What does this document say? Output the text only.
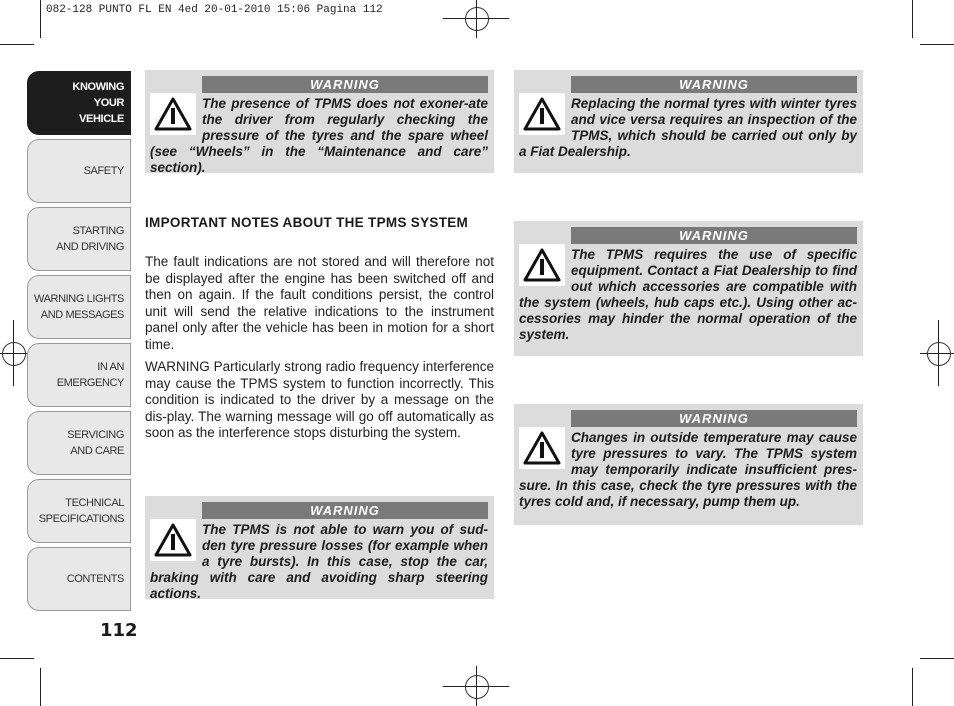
082-128 PUNTO FL EN 4ed 20-01-2010 15:06 Pagina 112
KNOWING
YOUR
VEHICLE
SAFETY
STARTING
AND DRIVING
WARNING LIGHTS
AND MESSAGES
IN AN
EMERGENCY
SERVICING
AND CARE
TECHNICAL
SPECIFICATIONS
CONTENTS
112
WARNING
The presence of TPMS does not exoner-ate the driver from regularly checking the pressure of the tyres and the spare wheel (see “Wheels” in the “Maintenance and care” section).
IMPORTANT NOTES ABOUT THE TPMS SYSTEM
The fault indications are not stored and will therefore not be displayed after the engine has been switched off and then on again. If the fault conditions persist, the control unit will send the relative indications to the instrument panel only after the vehicle has been in motion for a short time.
WARNING Particularly strong radio frequency interference may cause the TPMS system to function incorrectly. This condition is indicated to the driver by a message on the dis-play. The warning message will go off automatically as soon as the interference stops disturbing the system.
WARNING
The TPMS is not able to warn you of sud-den tyre pressure losses (for example when a tyre bursts). In this case, stop the car, braking with care and avoiding sharp steering actions.
WARNING
Replacing the normal tyres with winter tyres and vice versa requires an inspection of the TPMS, which should be carried out only by a Fiat Dealership.
WARNING
The TPMS requires the use of specific equipment. Contact a Fiat Dealership to find out which accessories are compatible with the system (wheels, hub caps etc.). Using other ac-cessories may hinder the normal operation of the system.
WARNING
Changes in outside temperature may cause tyre pressures to vary. The TPMS system may temporarily indicate insufficient pres-sure. In this case, check the tyre pressures with the tyres cold and, if necessary, pump them up.
